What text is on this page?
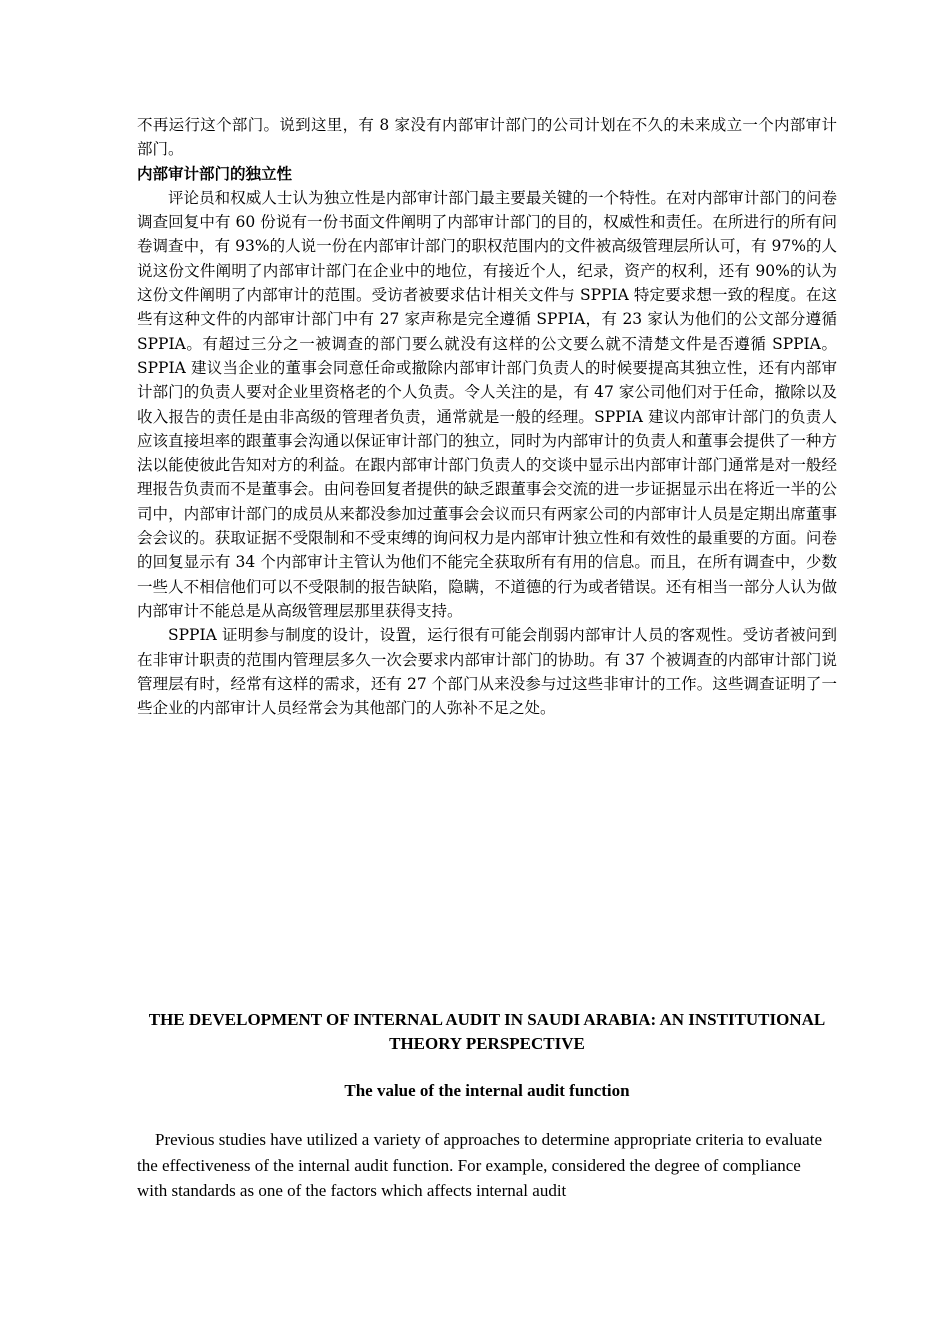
不再运行这个部门。说到这里，有 8 家没有内部审计部门的公司计划在不久的未来成立一个内部审计部门。

内部审计部门的独立性

评论员和权威人士认为独立性是内部审计部门最主要最关键的一个特性。在对内部审计部门的问卷调查回复中有 60 份说有一份书面文件阐明了内部审计部门的目的，权威性和责任。在所进行的所有问卷调查中，有 93%的人说一份在内部审计部门的职权范围内的文件被高级管理层所认可，有 97%的人说这份文件阐明了内部审计部门在企业中的地位，有接近个人，纪录，资产的权利，还有 90%的认为这份文件阐明了内部审计的范围。受访者被要求估计相关文件与 SPPIA 特定要求想一致的程度。在这些有这种文件的内部审计部门中有 27 家声称是完全遵循 SPPIA，有 23 家认为他们的公文部分遵循 SPPIA。有超过三分之一被调查的部门要么就没有这样的公文要么就不清楚文件是否遵循 SPPIA。SPPIA 建议当企业的董事会同意任命或撤除内部审计部门负责人的时候要提高其独立性，还有内部审计部门的负责人要对企业里资格老的个人负责。令人关注的是，有 47 家公司他们对于任命，撤除以及收入报告的责任是由非高级的管理者负责，通常就是一般的经理。SPPIA 建议内部审计部门的负责人应该直接坦率的跟董事会沟通以保证审计部门的独立，同时为内部审计的负责人和董事会提供了一种方法以能使彼此告知对方的利益。在跟内部审计部门负责人的交谈中显示出内部审计部门通常是对一般经理报告负责而不是董事会。由问卷回复者提供的缺乏跟董事会交流的进一步证据显示出在将近一半的公司中，内部审计部门的成员从来都没参加过董事会会议而只有两家公司的内部审计人员是定期出席董事会会议的。获取证据不受限制和不受束缚的询问权力是内部审计独立性和有效性的最重要的方面。问卷的回复显示有 34 个内部审计主管认为他们不能完全获取所有有用的信息。而且，在所有调查中，少数一些人不相信他们可以不受限制的报告缺陷，隐瞒，不道德的行为或者错误。还有相当一部分人认为做内部审计不能总是从高级管理层那里获得支持。

SPPIA 证明参与制度的设计，设置，运行很有可能会削弱内部审计人员的客观性。受访者被问到在非审计职责的范围内管理层多久一次会要求内部审计部门的协助。有 37 个被调查的内部审计部门说管理层有时，经常有这样的需求，还有 27 个部门从来没参与过这些非审计的工作。这些调查证明了一些企业的内部审计人员经常会为其他部门的人弥补不足之处。

THE DEVELOPMENT OF INTERNAL AUDIT IN SAUDI ARABIA: AN INSTITUTIONAL THEORY PERSPECTIVE
The value of the internal audit function

Previous studies have utilized a variety of approaches to determine appropriate criteria to evaluate the effectiveness of the internal audit function. For example, considered the degree of compliance with standards as one of the factors which affects internal audit
